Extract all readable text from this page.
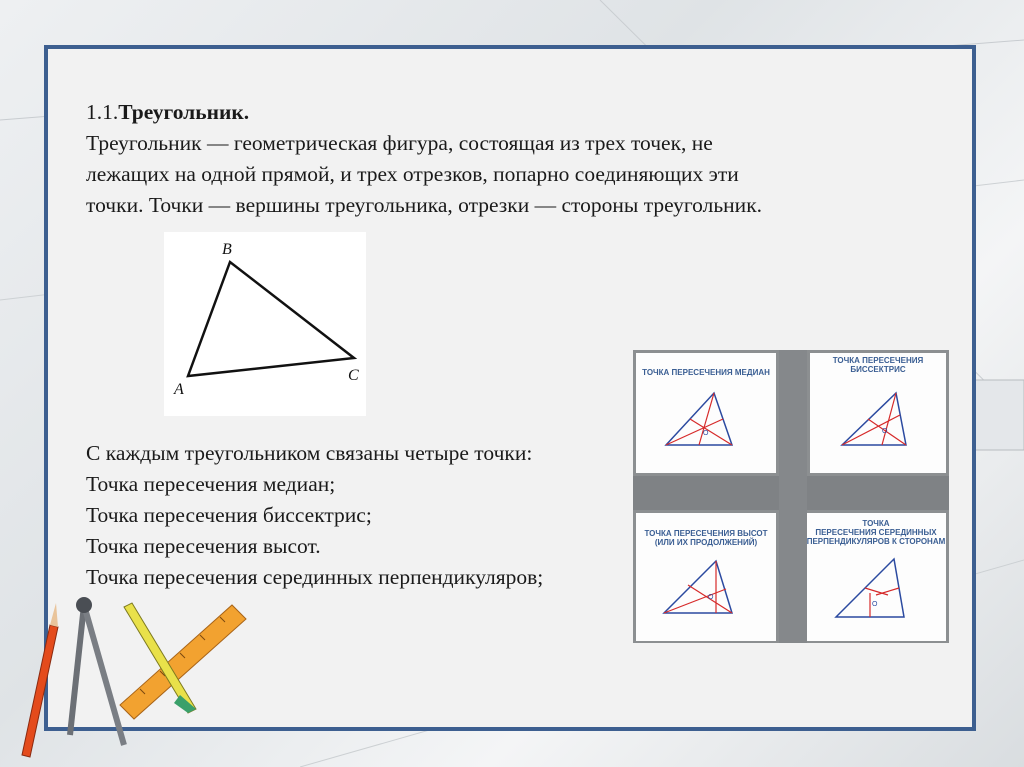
1.1.Треугольник.
Треугольник — геометрическая фигура, состоящая из трех точек, не
лежащих на одной прямой, и трех отрезков, попарно соединяющих эти
точки. Точки — вершины треугольника, отрезки — стороны треугольник.
A
B
C
С каждым треугольником связаны четыре точки:
Точка пересечения медиан;
Точка пересечения биссектрис;
Точка пересечения высот.
Точка пересечения серединных перпендикуляров;
ТОЧКА ПЕРЕСЕЧЕНИЯ МЕДИАН
O
ТОЧКА ПЕРЕСЕЧЕНИЯ
БИССЕКТРИС
O
ТОЧКА ПЕРЕСЕЧЕНИЯ ВЫСОТ
(ИЛИ ИХ ПРОДОЛЖЕНИЙ)
O
ТОЧКА
ПЕРЕСЕЧЕНИЯ СЕРЕДИННЫХ
ПЕРПЕНДИКУЛЯРОВ К СТОРОНАМ
O
